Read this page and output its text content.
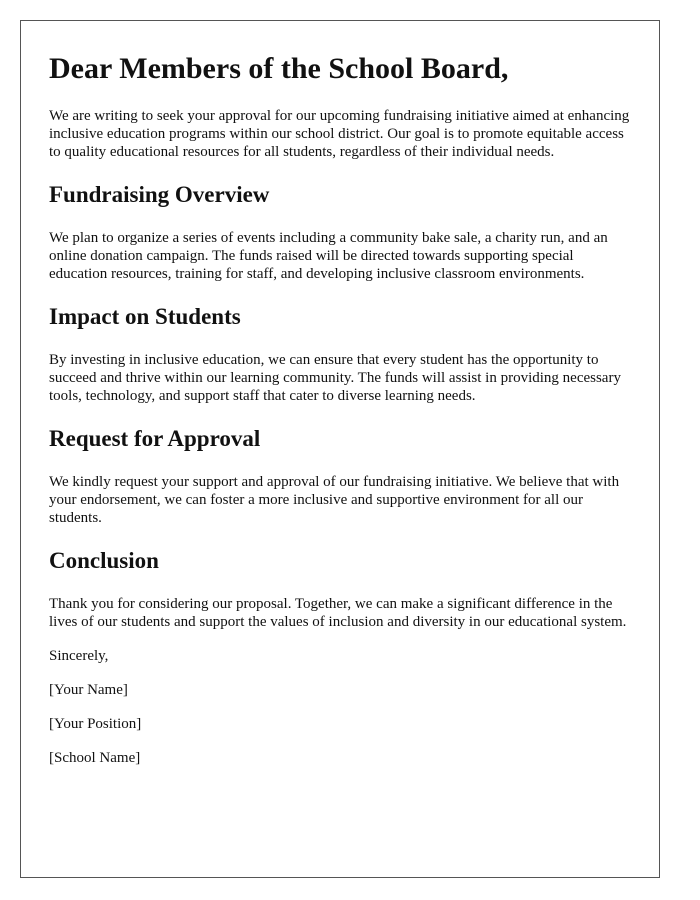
Dear Members of the School Board,

We are writing to seek your approval for our upcoming fundraising initiative aimed at enhancing inclusive education programs within our school district. Our goal is to promote equitable access to quality educational resources for all students, regardless of their individual needs.

Fundraising Overview

We plan to organize a series of events including a community bake sale, a charity run, and an online donation campaign. The funds raised will be directed towards supporting special education resources, training for staff, and developing inclusive classroom environments.

Impact on Students

By investing in inclusive education, we can ensure that every student has the opportunity to succeed and thrive within our learning community. The funds will assist in providing necessary tools, technology, and support staff that cater to diverse learning needs.

Request for Approval

We kindly request your support and approval of our fundraising initiative. We believe that with your endorsement, we can foster a more inclusive and supportive environment for all our students.

Conclusion

Thank you for considering our proposal. Together, we can make a significant difference in the lives of our students and support the values of inclusion and diversity in our educational system.

Sincerely,

[Your Name]

[Your Position]

[School Name]
